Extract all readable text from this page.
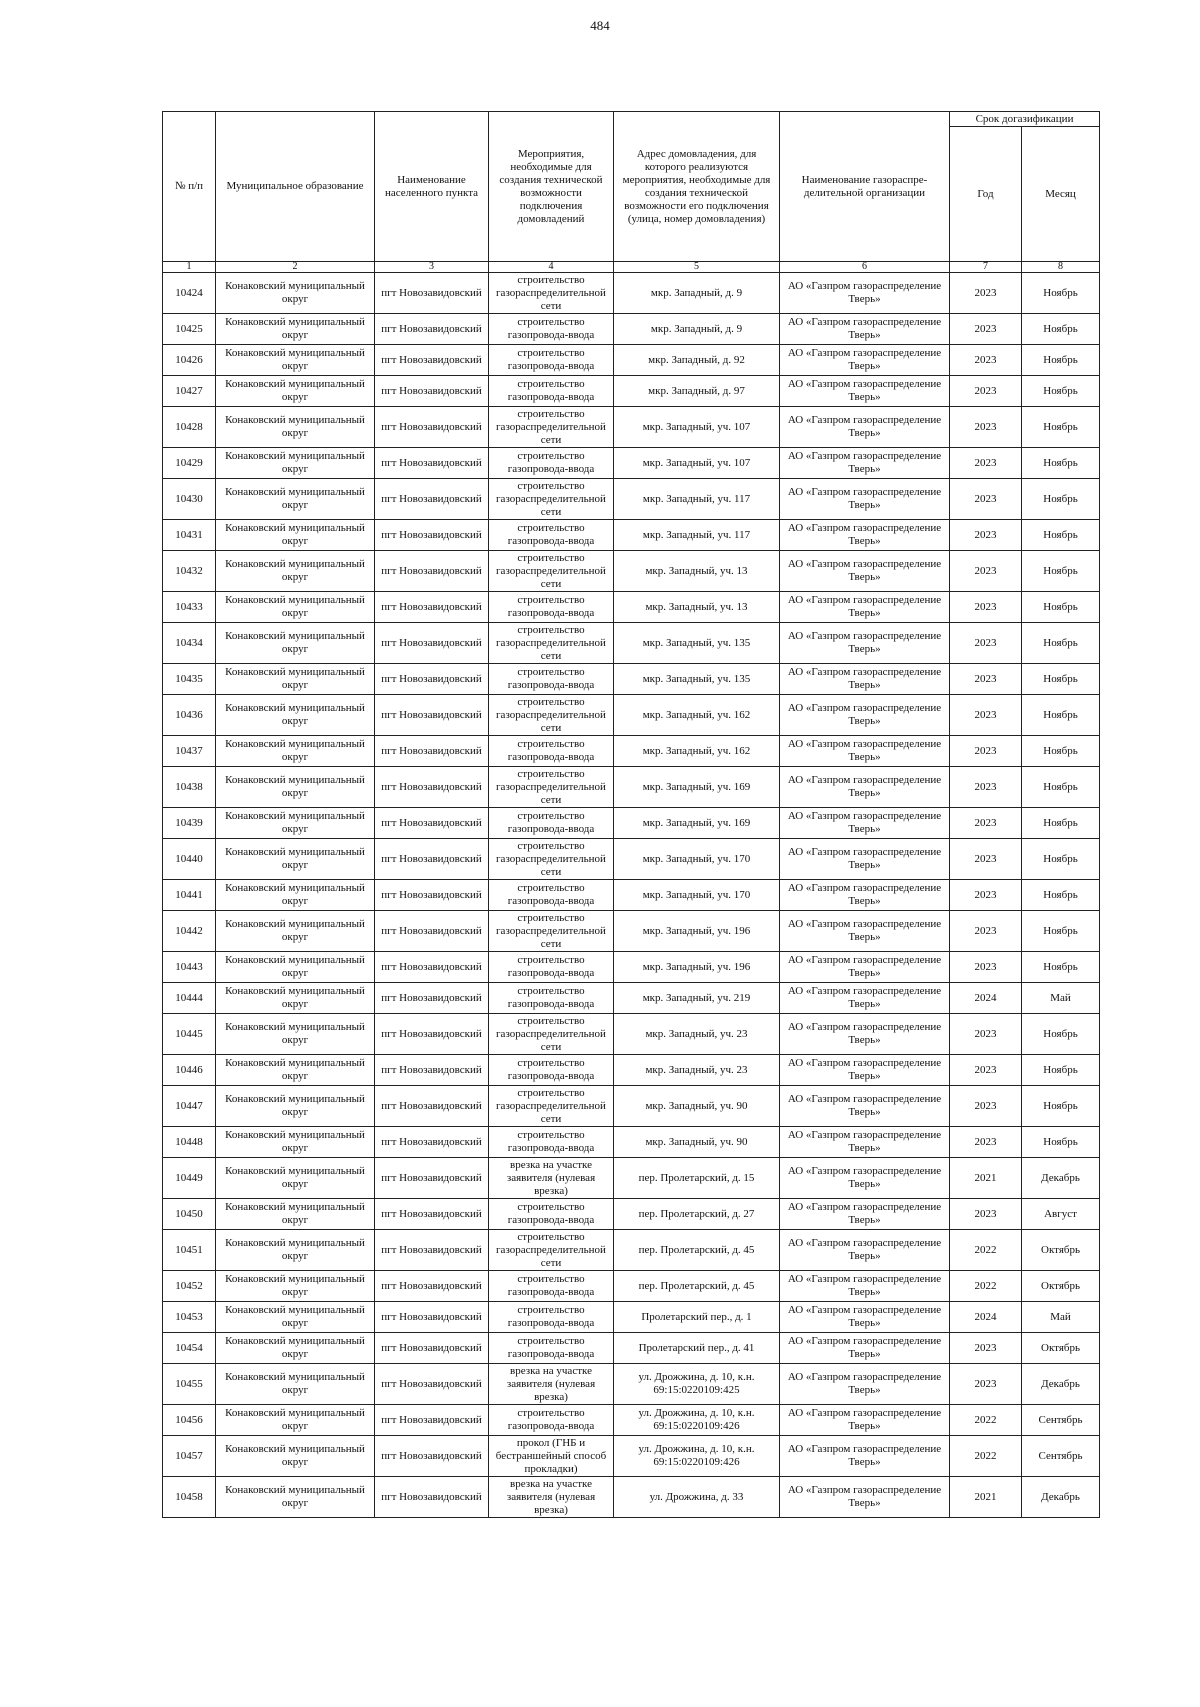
484
№ п/п	Муниципальное образование	Наименование населенного пункта	Мероприятия, необходимые для создания технической возможности подключения домовладений	Адрес домовладения, для которого реализуются мероприятия, необходимые для создания технической возможности его подключения (улица, номер домовладения)	Наименование газораспре-делительной организации	Срок догазификации	
						Год	Месяц
1	2	3	4	5	6	7	8
10424	Конаковский муниципальный округ	пгт Новозавидовский	строительство газораспределительной сети	мкр. Западный, д. 9	АО «Газпром газораспределение Тверь»	2023	Ноябрь
10425	Конаковский муниципальный округ	пгт Новозавидовский	строительство газопровода-ввода	мкр. Западный, д. 9	АО «Газпром газораспределение Тверь»	2023	Ноябрь
10426	Конаковский муниципальный округ	пгт Новозавидовский	строительство газопровода-ввода	мкр. Западный, д. 92	АО «Газпром газораспределение Тверь»	2023	Ноябрь
10427	Конаковский муниципальный округ	пгт Новозавидовский	строительство газопровода-ввода	мкр. Западный, д. 97	АО «Газпром газораспределение Тверь»	2023	Ноябрь
10428	Конаковский муниципальный округ	пгт Новозавидовский	строительство газораспределительной сети	мкр. Западный, уч. 107	АО «Газпром газораспределение Тверь»	2023	Ноябрь
10429	Конаковский муниципальный округ	пгт Новозавидовский	строительство газопровода-ввода	мкр. Западный, уч. 107	АО «Газпром газораспределение Тверь»	2023	Ноябрь
10430	Конаковский муниципальный округ	пгт Новозавидовский	строительство газораспределительной сети	мкр. Западный, уч. 117	АО «Газпром газораспределение Тверь»	2023	Ноябрь
10431	Конаковский муниципальный округ	пгт Новозавидовский	строительство газопровода-ввода	мкр. Западный, уч. 117	АО «Газпром газораспределение Тверь»	2023	Ноябрь
10432	Конаковский муниципальный округ	пгт Новозавидовский	строительство газораспределительной сети	мкр. Западный, уч. 13	АО «Газпром газораспределение Тверь»	2023	Ноябрь
10433	Конаковский муниципальный округ	пгт Новозавидовский	строительство газопровода-ввода	мкр. Западный, уч. 13	АО «Газпром газораспределение Тверь»	2023	Ноябрь
10434	Конаковский муниципальный округ	пгт Новозавидовский	строительство газораспределительной сети	мкр. Западный, уч. 135	АО «Газпром газораспределение Тверь»	2023	Ноябрь
10435	Конаковский муниципальный округ	пгт Новозавидовский	строительство газопровода-ввода	мкр. Западный, уч. 135	АО «Газпром газораспределение Тверь»	2023	Ноябрь
10436	Конаковский муниципальный округ	пгт Новозавидовский	строительство газораспределительной сети	мкр. Западный, уч. 162	АО «Газпром газораспределение Тверь»	2023	Ноябрь
10437	Конаковский муниципальный округ	пгт Новозавидовский	строительство газопровода-ввода	мкр. Западный, уч. 162	АО «Газпром газораспределение Тверь»	2023	Ноябрь
10438	Конаковский муниципальный округ	пгт Новозавидовский	строительство газораспределительной сети	мкр. Западный, уч. 169	АО «Газпром газораспределение Тверь»	2023	Ноябрь
10439	Конаковский муниципальный округ	пгт Новозавидовский	строительство газопровода-ввода	мкр. Западный, уч. 169	АО «Газпром газораспределение Тверь»	2023	Ноябрь
10440	Конаковский муниципальный округ	пгт Новозавидовский	строительство газораспределительной сети	мкр. Западный, уч. 170	АО «Газпром газораспределение Тверь»	2023	Ноябрь
10441	Конаковский муниципальный округ	пгт Новозавидовский	строительство газопровода-ввода	мкр. Западный, уч. 170	АО «Газпром газораспределение Тверь»	2023	Ноябрь
10442	Конаковский муниципальный округ	пгт Новозавидовский	строительство газораспределительной сети	мкр. Западный, уч. 196	АО «Газпром газораспределение Тверь»	2023	Ноябрь
10443	Конаковский муниципальный округ	пгт Новозавидовский	строительство газопровода-ввода	мкр. Западный, уч. 196	АО «Газпром газораспределение Тверь»	2023	Ноябрь
10444	Конаковский муниципальный округ	пгт Новозавидовский	строительство газопровода-ввода	мкр. Западный, уч. 219	АО «Газпром газораспределение Тверь»	2024	Май
10445	Конаковский муниципальный округ	пгт Новозавидовский	строительство газораспределительной сети	мкр. Западный, уч. 23	АО «Газпром газораспределение Тверь»	2023	Ноябрь
10446	Конаковский муниципальный округ	пгт Новозавидовский	строительство газопровода-ввода	мкр. Западный, уч. 23	АО «Газпром газораспределение Тверь»	2023	Ноябрь
10447	Конаковский муниципальный округ	пгт Новозавидовский	строительство газораспределительной сети	мкр. Западный, уч. 90	АО «Газпром газораспределение Тверь»	2023	Ноябрь
10448	Конаковский муниципальный округ	пгт Новозавидовский	строительство газопровода-ввода	мкр. Западный, уч. 90	АО «Газпром газораспределение Тверь»	2023	Ноябрь
10449	Конаковский муниципальный округ	пгт Новозавидовский	врезка на участке заявителя (нулевая врезка)	пер. Пролетарский, д. 15	АО «Газпром газораспределение Тверь»	2021	Декабрь
10450	Конаковский муниципальный округ	пгт Новозавидовский	строительство газопровода-ввода	пер. Пролетарский, д. 27	АО «Газпром газораспределение Тверь»	2023	Август
10451	Конаковский муниципальный округ	пгт Новозавидовский	строительство газораспределительной сети	пер. Пролетарский, д. 45	АО «Газпром газораспределение Тверь»	2022	Октябрь
10452	Конаковский муниципальный округ	пгт Новозавидовский	строительство газопровода-ввода	пер. Пролетарский, д. 45	АО «Газпром газораспределение Тверь»	2022	Октябрь
10453	Конаковский муниципальный округ	пгт Новозавидовский	строительство газопровода-ввода	Пролетарский пер., д. 1	АО «Газпром газораспределение Тверь»	2024	Май
10454	Конаковский муниципальный округ	пгт Новозавидовский	строительство газопровода-ввода	Пролетарский пер., д. 41	АО «Газпром газораспределение Тверь»	2023	Октябрь
10455	Конаковский муниципальный округ	пгт Новозавидовский	врезка на участке заявителя (нулевая врезка)	ул. Дрожжина, д. 10, к.н. 69:15:0220109:425	АО «Газпром газораспределение Тверь»	2023	Декабрь
10456	Конаковский муниципальный округ	пгт Новозавидовский	строительство газопровода-ввода	ул. Дрожжина, д. 10, к.н. 69:15:0220109:426	АО «Газпром газораспределение Тверь»	2022	Сентябрь
10457	Конаковский муниципальный округ	пгт Новозавидовский	прокол (ГНБ и бестраншейный способ прокладки)	ул. Дрожжина, д. 10, к.н. 69:15:0220109:426	АО «Газпром газораспределение Тверь»	2022	Сентябрь
10458	Конаковский муниципальный округ	пгт Новозавидовский	врезка на участке заявителя (нулевая врезка)	ул. Дрожжина, д. 33	АО «Газпром газораспределение Тверь»	2021	Декабрь
